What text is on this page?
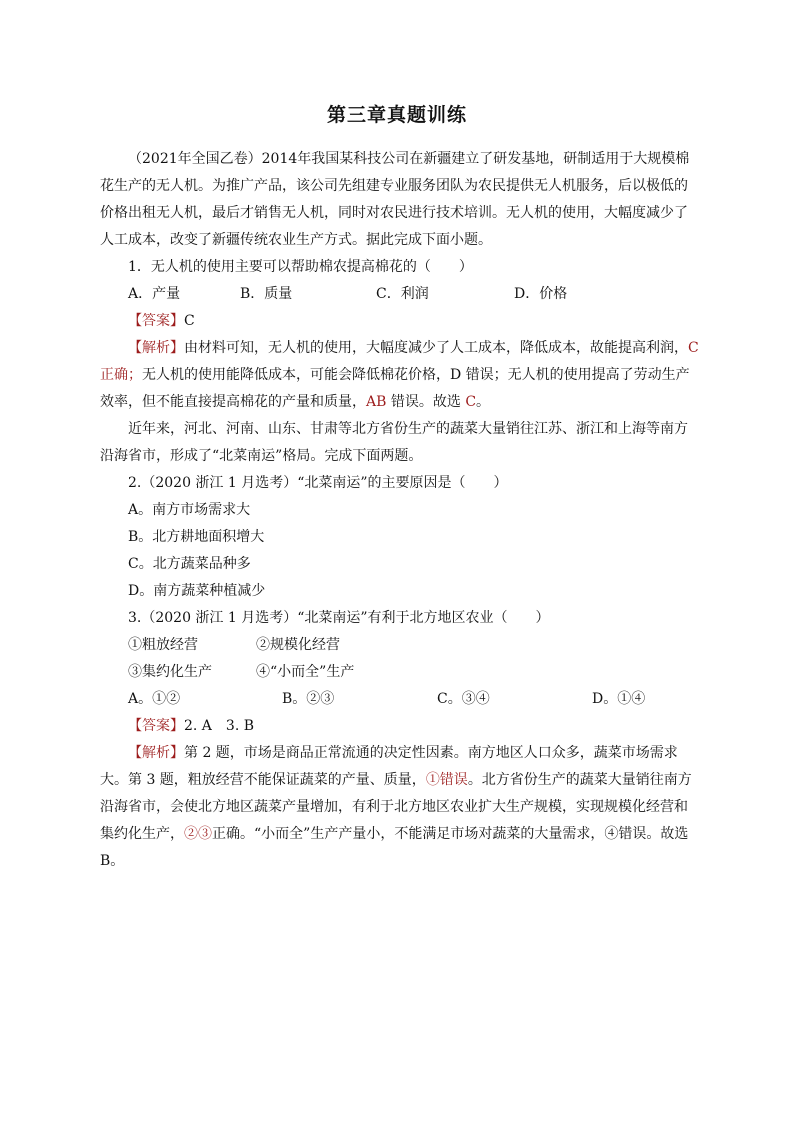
第三章真题训练

（2021年全国乙卷）2014年我国某科技公司在新疆建立了研发基地，研制适用于大规模棉花生产的无人机。为推广产品，该公司先组建专业服务团队为农民提供无人机服务，后以极低的价格出租无人机，最后才销售无人机，同时对农民进行技术培训。无人机的使用，大幅度减少了人工成本，改变了新疆传统农业生产方式。据此完成下面小题。

1．无人机的使用主要可以帮助棉农提高棉花的（　　）

A．产量	B．质量	C．利润	D．价格

【答案】C

【解析】由材料可知，无人机的使用，大幅度减少了人工成本，降低成本，故能提高利润，C 正确；无人机的使用能降低成本，可能会降低棉花价格，D 错误；无人机的使用提高了劳动生产效率，但不能直接提高棉花的产量和质量，AB 错误。故选 C。

近年来，河北、河南、山东、甘肃等北方省份生产的蔬菜大量销往江苏、浙江和上海等南方沿海省市，形成了“北菜南运”格局。完成下面两题。

2.（2020 浙江 1 月选考）“北菜南运”的主要原因是（　　）

A。南方市场需求大

B。北方耕地面积增大

C。北方蔬菜品种多

D。南方蔬菜种植减少

3.（2020 浙江 1 月选考）“北菜南运”有利于北方地区农业（　　）

①粗放经营	②规模化经营
③集约化生产	④“小而全”生产
A。①②	B。②③	C。③④	D。①④

【答案】2. A　3. B

【解析】第 2 题，市场是商品正常流通的决定性因素。南方地区人口众多，蔬菜市场需求大。第 3 题，粗放经营不能保证蔬菜的产量、质量，①错误。北方省份生产的蔬菜大量销往南方沿海省市，会使北方地区蔬菜产量增加，有利于北方地区农业扩大生产规模，实现规模化经营和集约化生产，②③正确。“小而全”生产产量小，不能满足市场对蔬菜的大量需求，④错误。故选 B。
